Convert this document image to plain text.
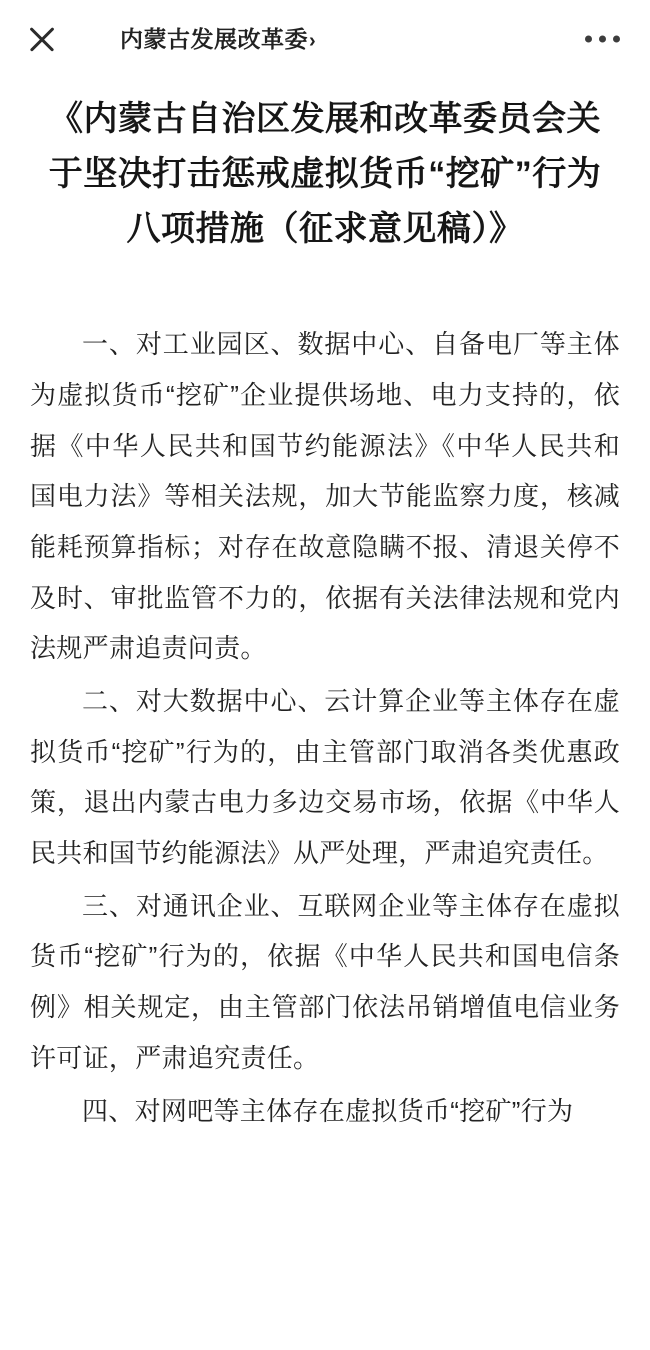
内蒙古发展改革委 ›
《内蒙古自治区发展和改革委员会关于坚决打击惩戒虚拟货币“挖矿”行为八项措施（征求意见稿）》

一、对工业园区、数据中心、自备电厂等主体为虚拟货币“挖矿”企业提供场地、电力支持的，依据《中华人民共和国节约能源法》《中华人民共和国电力法》等相关法规，加大节能监察力度，核减能耗预算指标；对存在故意隐瞒不报、清退关停不及时、审批监管不力的，依据有关法律法规和党内法规严肃追责问责。

二、对大数据中心、云计算企业等主体存在虚拟货币“挖矿”行为的，由主管部门取消各类优惠政策，退出内蒙古电力多边交易市场，依据《中华人民共和国节约能源法》从严处理，严肃追究责任。

三、对通讯企业、互联网企业等主体存在虚拟货币“挖矿”行为的，依据《中华人民共和国电信条例》相关规定，由主管部门依法吊销增值电信业务许可证，严肃追究责任。

四、对网吧等主体存在虚拟货币“挖矿”行为
